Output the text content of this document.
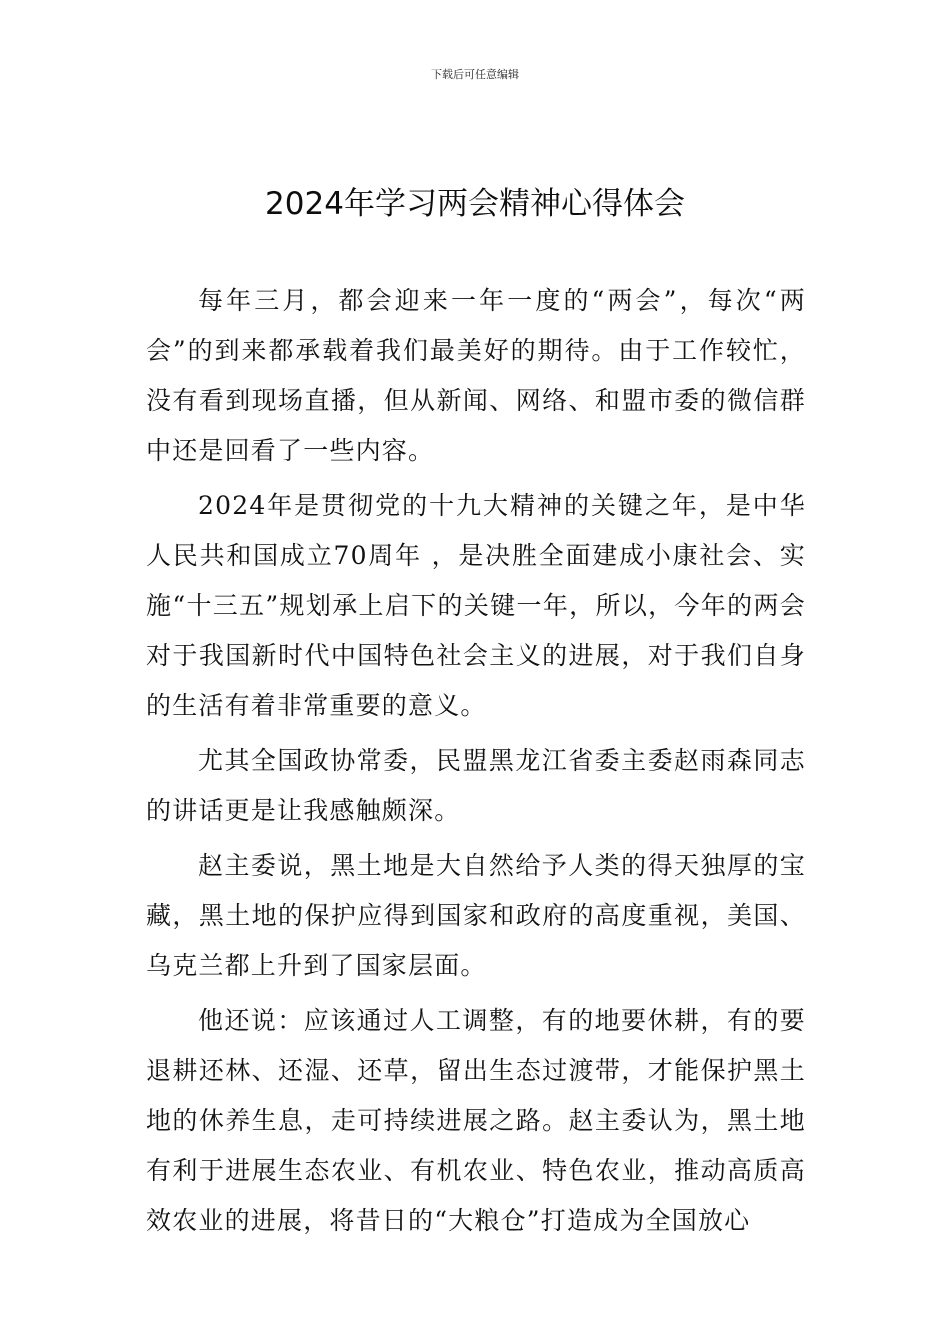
下载后可任意编辑
2024年学习两会精神心得体会

每年三月，都会迎来一年一度的“两会”，每次“两会”的到来都承载着我们最美好的期待。由于工作较忙，没有看到现场直播，但从新闻、网络、和盟市委的微信群中还是回看了一些内容。

2024年是贯彻党的十九大精神的关键之年，是中华人民共和国成立70周年 ，是决胜全面建成小康社会、实施“十三五”规划承上启下的关键一年，所以，今年的两会对于我国新时代中国特色社会主义的进展，对于我们自身的生活有着非常重要的意义。

尤其全国政协常委，民盟黑龙江省委主委赵雨森同志的讲话更是让我感触颇深。

赵主委说，黑土地是大自然给予人类的得天独厚的宝藏，黑土地的保护应得到国家和政府的高度重视，美国、乌克兰都上升到了国家层面。

他还说：应该通过人工调整，有的地要休耕，有的要退耕还林、还湿、还草，留出生态过渡带，才能保护黑土地的休养生息，走可持续进展之路。赵主委认为，黑土地有利于进展生态农业、有机农业、特色农业，推动高质高效农业的进展，将昔日的“大粮仓”打造成为全国放心
